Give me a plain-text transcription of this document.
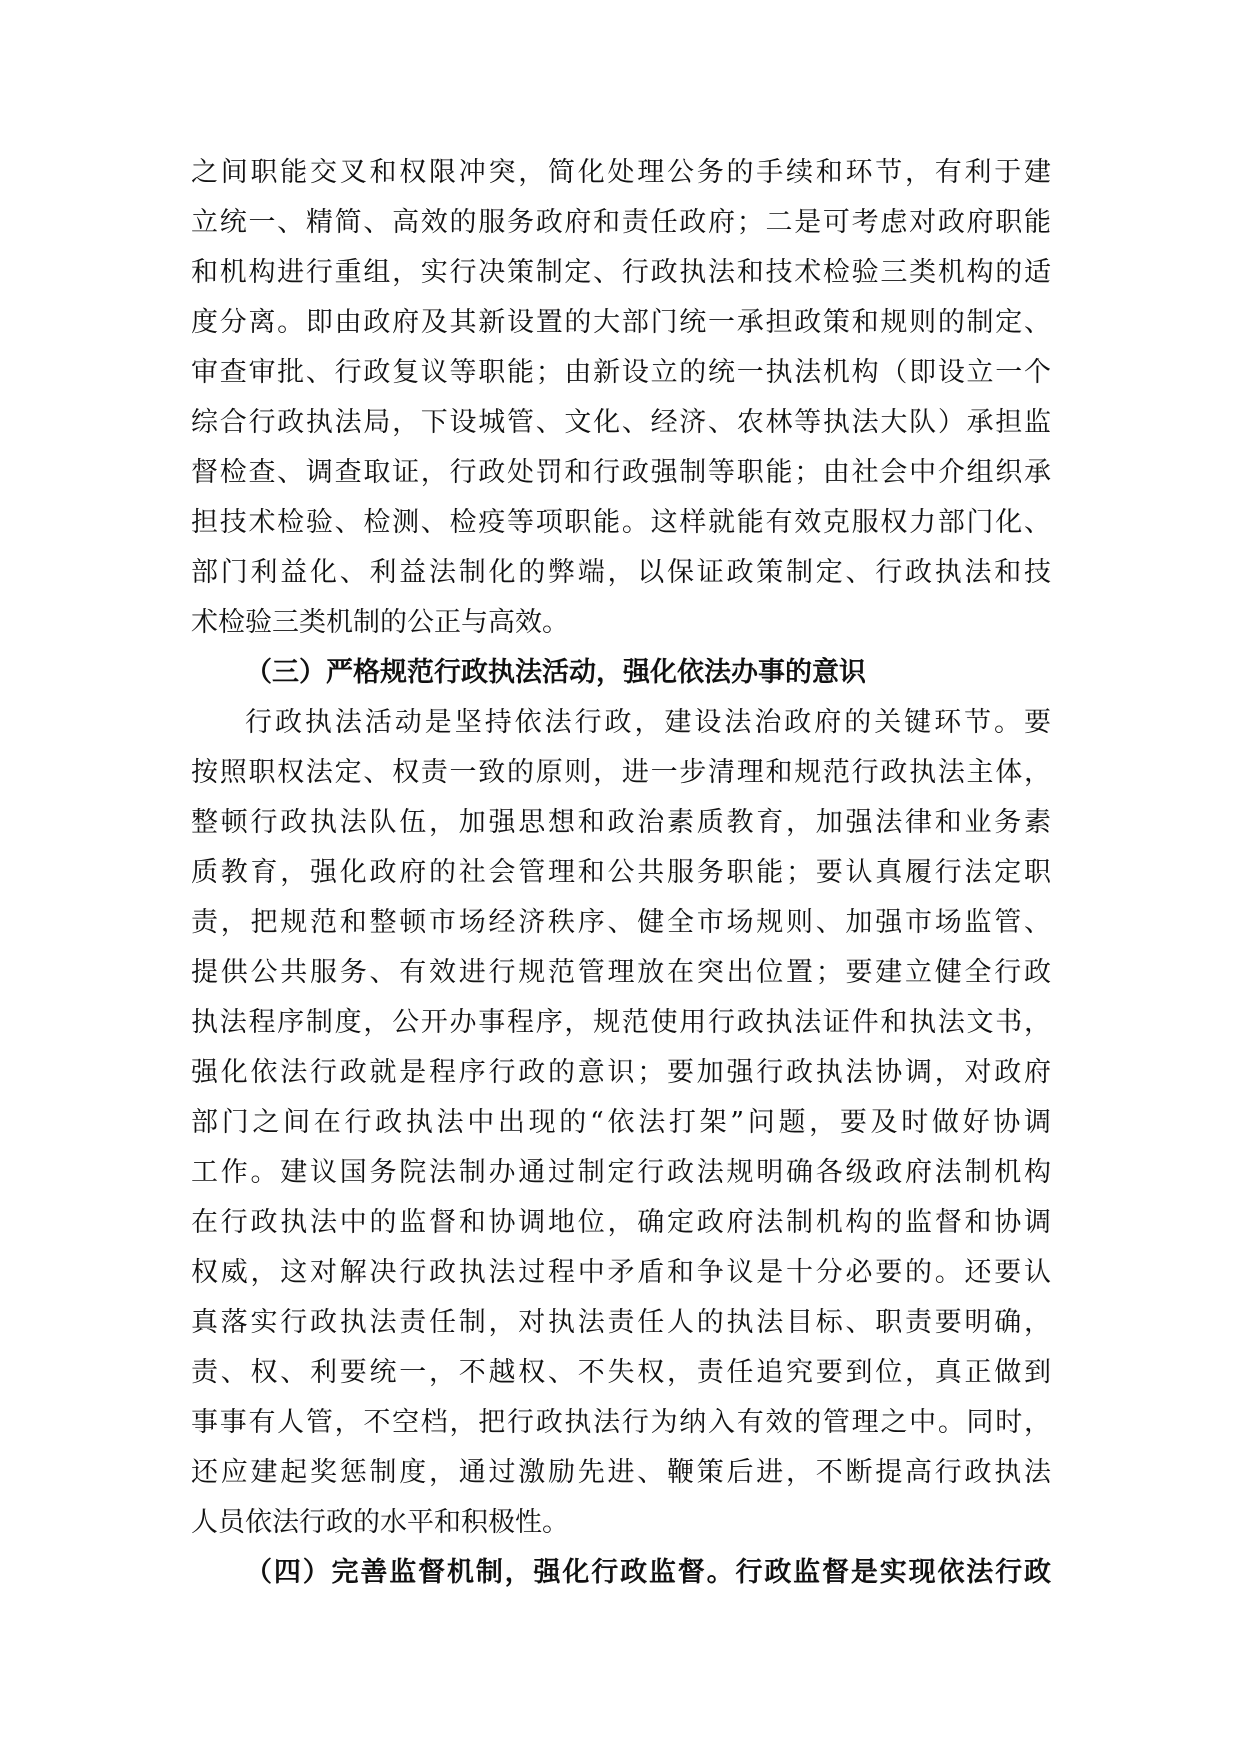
之间职能交叉和权限冲突，简化处理公务的手续和环节，有利于建
立统一、精简、高效的服务政府和责任政府；二是可考虑对政府职能
和机构进行重组，实行决策制定、行政执法和技术检验三类机构的适
度分离。即由政府及其新设置的大部门统一承担政策和规则的制定、
审查审批、行政复议等职能；由新设立的统一执法机构（即设立一个
综合行政执法局，下设城管、文化、经济、农林等执法大队）承担监
督检查、调查取证，行政处罚和行政强制等职能；由社会中介组织承
担技术检验、检测、检疫等项职能。这样就能有效克服权力部门化、
部门利益化、利益法制化的弊端，以保证政策制定、行政执法和技
术检验三类机制的公正与高效。
（三）严格规范行政执法活动，强化依法办事的意识
行政执法活动是坚持依法行政，建设法治政府的关键环节。要
按照职权法定、权责一致的原则，进一步清理和规范行政执法主体，
整顿行政执法队伍，加强思想和政治素质教育，加强法律和业务素
质教育，强化政府的社会管理和公共服务职能；要认真履行法定职
责，把规范和整顿市场经济秩序、健全市场规则、加强市场监管、
提供公共服务、有效进行规范管理放在突出位置；要建立健全行政
执法程序制度，公开办事程序，规范使用行政执法证件和执法文书，
强化依法行政就是程序行政的意识；要加强行政执法协调，对政府
部门之间在行政执法中出现的“依法打架”问题，要及时做好协调
工作。建议国务院法制办通过制定行政法规明确各级政府法制机构
在行政执法中的监督和协调地位，确定政府法制机构的监督和协调
权威，这对解决行政执法过程中矛盾和争议是十分必要的。还要认
真落实行政执法责任制，对执法责任人的执法目标、职责要明确，
责、权、利要统一，不越权、不失权，责任追究要到位，真正做到
事事有人管，不空档，把行政执法行为纳入有效的管理之中。同时，
还应建起奖惩制度，通过激励先进、鞭策后进，不断提高行政执法
人员依法行政的水平和积极性。
（四）完善监督机制，强化行政监督。行政监督是实现依法行政
